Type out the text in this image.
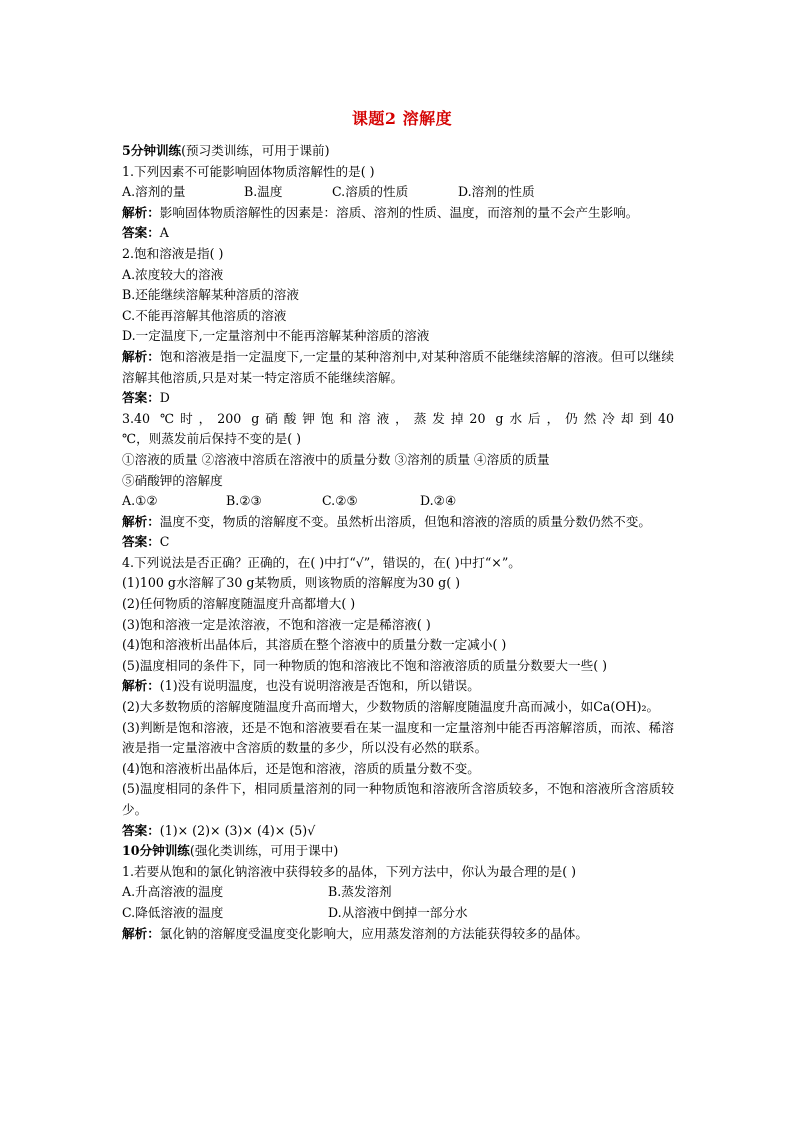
课题2 溶解度
5分钟训练(预习类训练，可用于课前)
1.下列因素不可能影响固体物质溶解性的是( )
A.溶剂的量	B.温度	C.溶质的性质	D.溶剂的性质
解析：影响固体物质溶解性的因素是：溶质、溶剂的性质、温度，而溶剂的量不会产生影响。
答案：A
2.饱和溶液是指( )
A.浓度较大的溶液
B.还能继续溶解某种溶质的溶液
C.不能再溶解其他溶质的溶液
D.一定温度下,一定量溶剂中不能再溶解某种溶质的溶液
解析：饱和溶液是指一定温度下,一定量的某种溶剂中,对某种溶质不能继续溶解的溶液。但可以继续溶解其他溶质,只是对某一特定溶质不能继续溶解。
答案：D
3.40 ℃时，200 g硝酸钾饱和溶液，蒸发掉20 g水后，仍然冷却到40
℃，则蒸发前后保持不变的是( )
①溶液的质量 ②溶液中溶质在溶液中的质量分数 ③溶剂的质量 ④溶质的质量
⑤硝酸钾的溶解度
A.①②	B.②③	C.②⑤	D.②④
解析：温度不变，物质的溶解度不变。虽然析出溶质，但饱和溶液的溶质的质量分数仍然不变。
答案：C
4.下列说法是否正确？正确的，在( )中打“√”，错误的，在( )中打“×”。
(1)100 g水溶解了30 g某物质，则该物质的溶解度为30 g( )
(2)任何物质的溶解度随温度升高都增大( )
(3)饱和溶液一定是浓溶液，不饱和溶液一定是稀溶液( )
(4)饱和溶液析出晶体后，其溶质在整个溶液中的质量分数一定减小( )
(5)温度相同的条件下，同一种物质的饱和溶液比不饱和溶液溶质的质量分数要大一些( )
解析：(1)没有说明温度，也没有说明溶液是否饱和，所以错误。
(2)大多数物质的溶解度随温度升高而增大，少数物质的溶解度随温度升高而减小，如Ca(OH)₂。
(3)判断是饱和溶液，还是不饱和溶液要看在某一温度和一定量溶剂中能否再溶解溶质，而浓、稀溶液是指一定量溶液中含溶质的数量的多少，所以没有必然的联系。
(4)饱和溶液析出晶体后，还是饱和溶液，溶质的质量分数不变。
(5)温度相同的条件下，相同质量溶剂的同一种物质饱和溶液所含溶质较多，不饱和溶液所含溶质较少。
答案：(1)× (2)× (3)× (4)× (5)√
10分钟训练(强化类训练，可用于课中)
1.若要从饱和的氯化钠溶液中获得较多的晶体，下列方法中，你认为最合理的是( )
A.升高溶液的温度	B.蒸发溶剂
C.降低溶液的温度	D.从溶液中倒掉一部分水
解析：氯化钠的溶解度受温度变化影响大，应用蒸发溶剂的方法能获得较多的晶体。
